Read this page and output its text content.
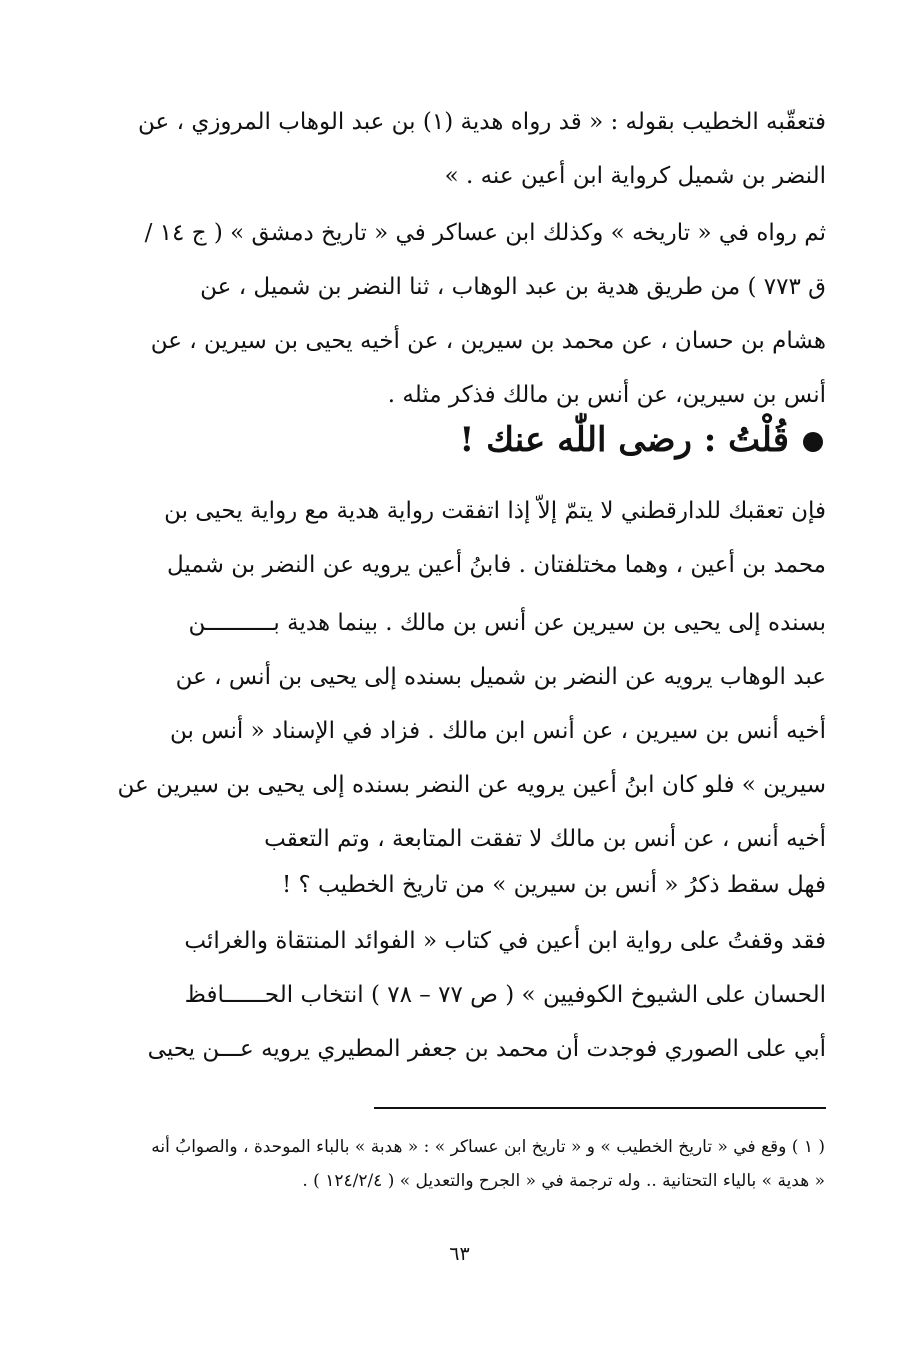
فتعقّبه الخطيب بقوله : « قد رواه هدية (١) بن عبد الوهاب المروزي ، عن
النضر بن شميل كرواية ابن أعين عنه . »
ثم رواه في « تاريخه » وكذلك ابن عساكر في « تاريخ دمشق » ( ج ١٤ /
ق ٧٧٣ ) من طريق هدية بن عبد الوهاب ، ثنا النضر بن شميل ، عن
هشام بن حسان ، عن محمد بن سيرين ، عن أخيه يحيى بن سيرين ، عن
أنس بن سيرين، عن أنس بن مالك فذكر مثله .
قُلْتُ : رضى اللّٰه عنك !
فإن تعقبك للدارقطني لا يتمّ إلاّ إذا اتفقت رواية هدية مع رواية يحيى بن
محمد بن أعين ، وهما مختلفتان . فابنُ أعين يرويه عن النضر بن شميل
بسنده إلى يحيى بن سيرين عن أنس بن مالك . بينما هدية بــــــــــن
عبد الوهاب يرويه عن النضر بن شميل بسنده إلى يحيى بن أنس ، عن
أخيه أنس بن سيرين ، عن أنس ابن مالك . فزاد في الإسناد « أنس بن
سيرين » فلو كان ابنُ أعين يرويه عن النضر بسنده إلى يحيى بن سيرين عن
أخيه أنس ، عن أنس بن مالك لا تفقت المتابعة ، وتم التعقب
فهل سقط ذكرُ « أنس بن سيرين » من تاريخ الخطيب ؟ !
فقد وقفتُ على رواية ابن أعين في كتاب « الفوائد المنتقاة والغرائب
الحسان على الشيوخ الكوفيين » ( ص ٧٧ – ٧٨ ) انتخاب الحــــــافظ
أبي على الصوري فوجدت أن محمد بن جعفر المطيري يرويه عـــن يحيى
( ١ ) وقع في « تاريخ الخطيب » و « تاريخ ابن عساكر » : « هدبة » بالباء الموحدة ، والصوابُ أنه
« هدية » بالياء التحتانية .. وله ترجمة في « الجرح والتعديل » ( ١٢٤/٢/٤ ) .
٦٣
